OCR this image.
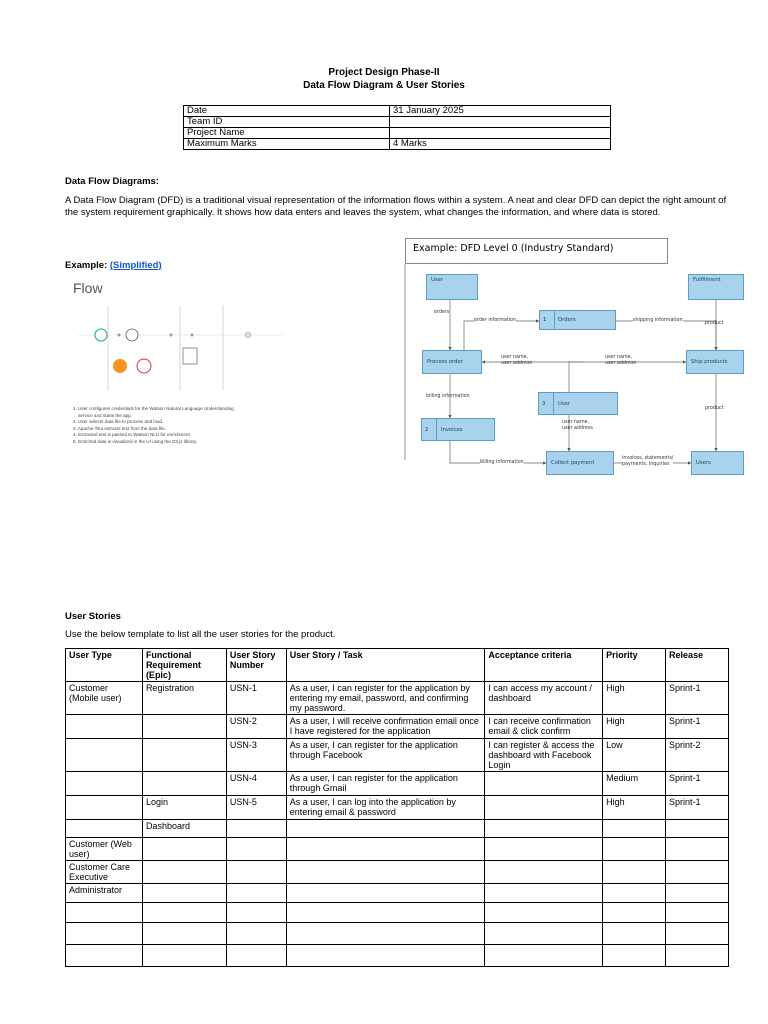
Project Design Phase-II
Data Flow Diagram & User Stories
Date	31 January 2025
Team ID	
Project Name	
Maximum Marks	4 Marks
Data Flow Diagrams:
A Data Flow Diagram (DFD) is a traditional visual representation of the information flows within a system. A neat and clear DFD can depict the right amount of the system requirement graphically. It shows how data enters and leaves the system, what changes the information, and where data is stored.
Example: (Simplified)
Flow
1. User configures credentials for the Watson Natural Language Understanding
service and starts the app.
2. User selects data file to process and load.
3. Apache Tika extracts text from the data file.
4. Extracted text is passed to Watson NLU for enrichment.
5. Enriched data is visualized in the UI using the D3.js library.
Example: DFD Level 0 (Industry Standard)
User	Fulfillment
1 Orders
Process order	Ship products
3 User
2 Invoices
Collect payment	Users
orders
order information	shipping information
product
user name,
user address
user name,
user address
billing information
user name,
user address
product
billing information
invoices, statements/
payments, inquiries
User Stories
Use the below template to list all the user stories for the product.
User Type	Functional Requirement (Epic)	User Story Number	User Story / Task	Acceptance criteria	Priority	Release
Customer (Mobile user)	Registration	USN-1	As a user, I can register for the application by entering my email, password, and confirming my password.	I can access my account / dashboard	High	Sprint-1
		USN-2	As a user, I will receive confirmation email once I have registered for the application	I can receive confirmation email & click confirm	High	Sprint-1
		USN-3	As a user, I can register for the application through Facebook	I can register & access the dashboard with Facebook Login	Low	Sprint-2
		USN-4	As a user, I can register for the application through Gmail		Medium	Sprint-1
	Login	USN-5	As a user, I can log into the application by entering email & password		High	Sprint-1
	Dashboard					
Customer (Web user)						
Customer Care Executive						
Administrator						
